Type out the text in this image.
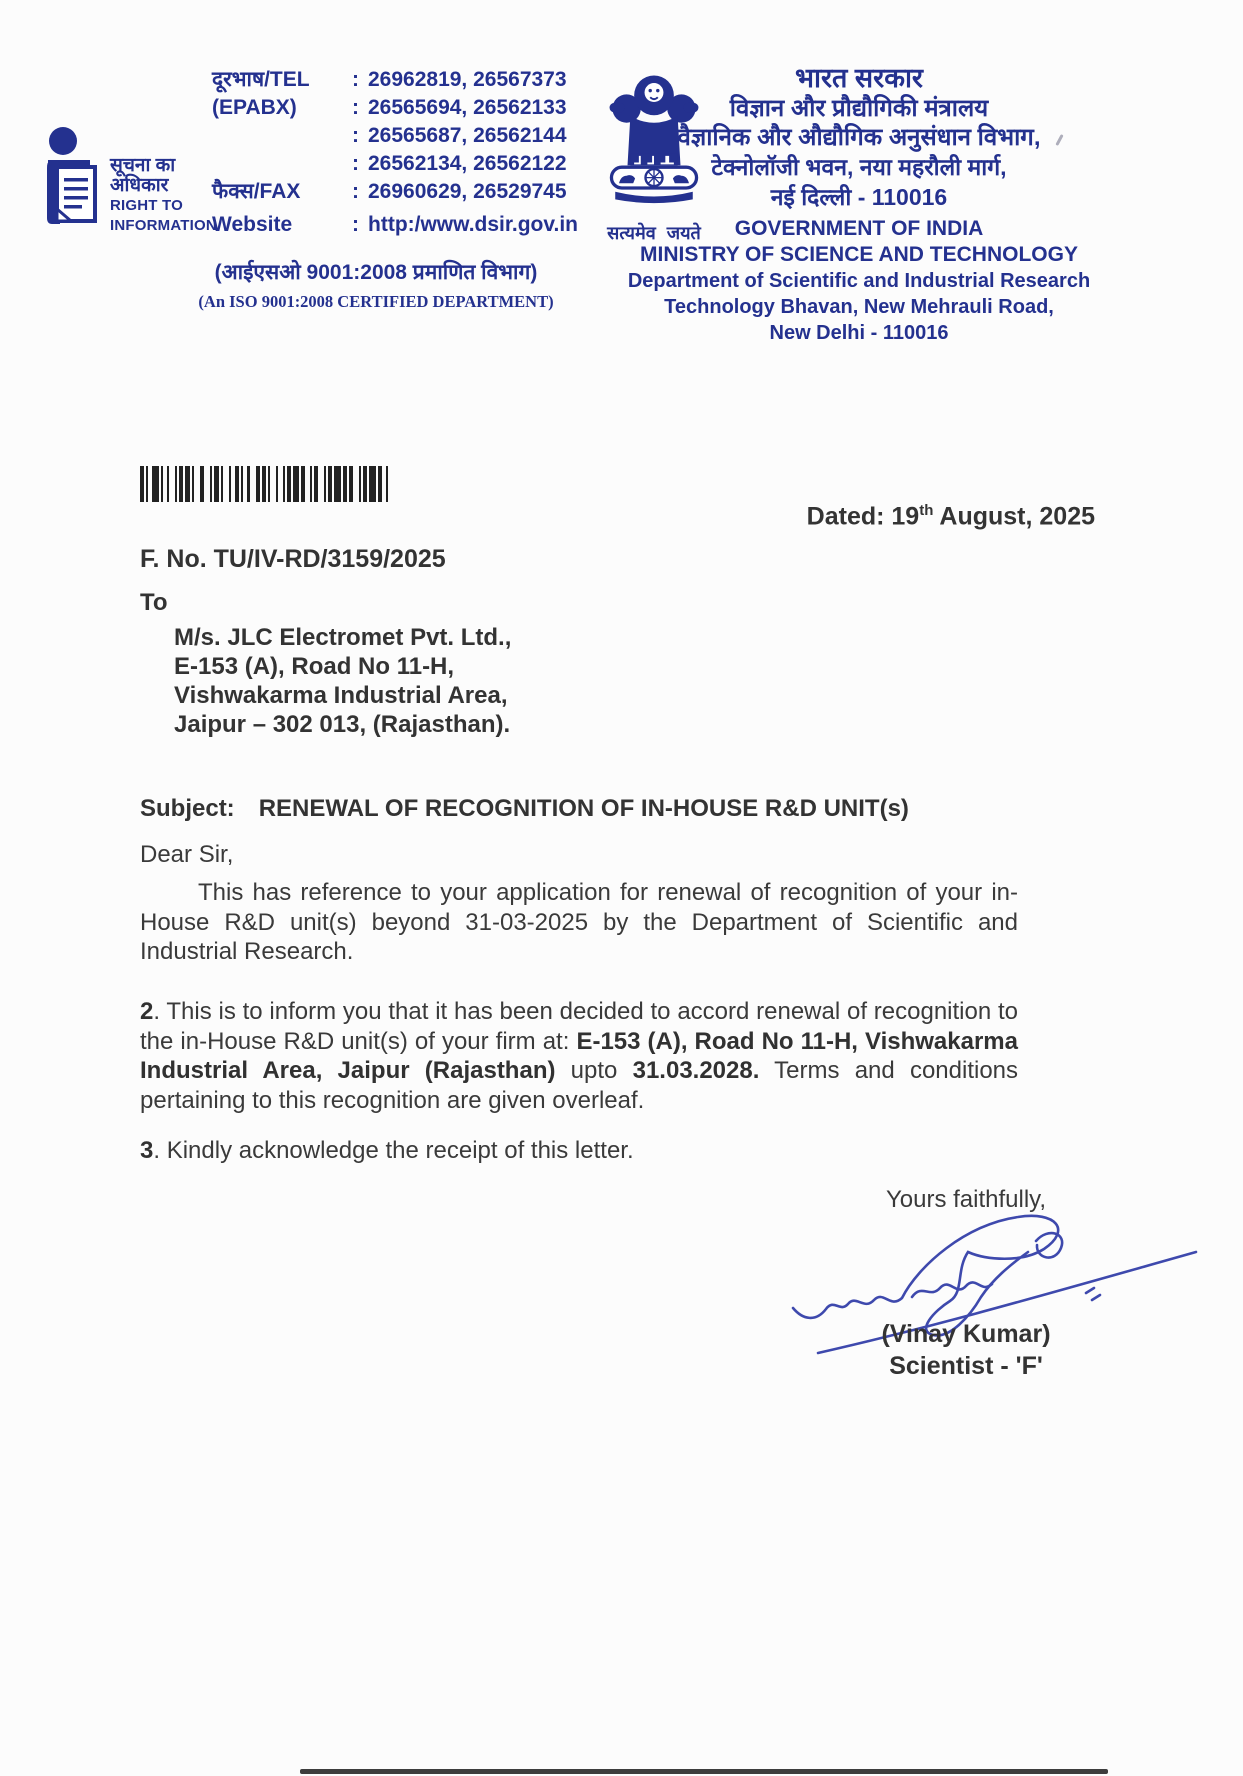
सूचना का
अधिकार
RIGHT TO
INFORMATION
दूरभाष/TEL	: 26962819, 26567373
(EPABX)	: 26565694, 26562133
: 26565687, 26562144
: 26562134, 26562122
फैक्स/FAX	: 26960629, 26529745
Website	: http:/www.dsir.gov.in
(आईएसओ 9001:2008 प्रमाणित विभाग)
(An ISO 9001:2008 CERTIFIED DEPARTMENT)
सत्यमेव जयते
भारत सरकार
विज्ञान और प्रौद्यौगिकी मंत्रालय
वैज्ञानिक और औद्यौगिक अनुसंधान विभाग,
टेक्नोलॉजी भवन, नया महरौली मार्ग,
नई दिल्ली - 110016
GOVERNMENT OF INDIA
MINISTRY OF SCIENCE AND TECHNOLOGY
Department of Scientific and Industrial Research
Technology Bhavan, New Mehrauli Road,
New Delhi - 110016
Dated: 19th August, 2025
F. No. TU/IV-RD/3159/2025
To
M/s. JLC Electromet Pvt. Ltd.,
E-153 (A), Road No 11-H,
Vishwakarma Industrial Area,
Jaipur – 302 013, (Rajasthan).
Subject: RENEWAL OF RECOGNITION OF IN-HOUSE R&D UNIT(s)
Dear Sir,
This has reference to your application for renewal of recognition of your in-House R&D unit(s) beyond 31-03-2025 by the Department of Scientific and Industrial Research.
2. This is to inform you that it has been decided to accord renewal of recognition to the in-House R&D unit(s) of your firm at: E-153 (A), Road No 11-H, Vishwakarma Industrial Area, Jaipur (Rajasthan) upto 31.03.2028. Terms and conditions pertaining to this recognition are given overleaf.
3. Kindly acknowledge the receipt of this letter.
Yours faithfully,
(Vinay Kumar)
Scientist - 'F'
